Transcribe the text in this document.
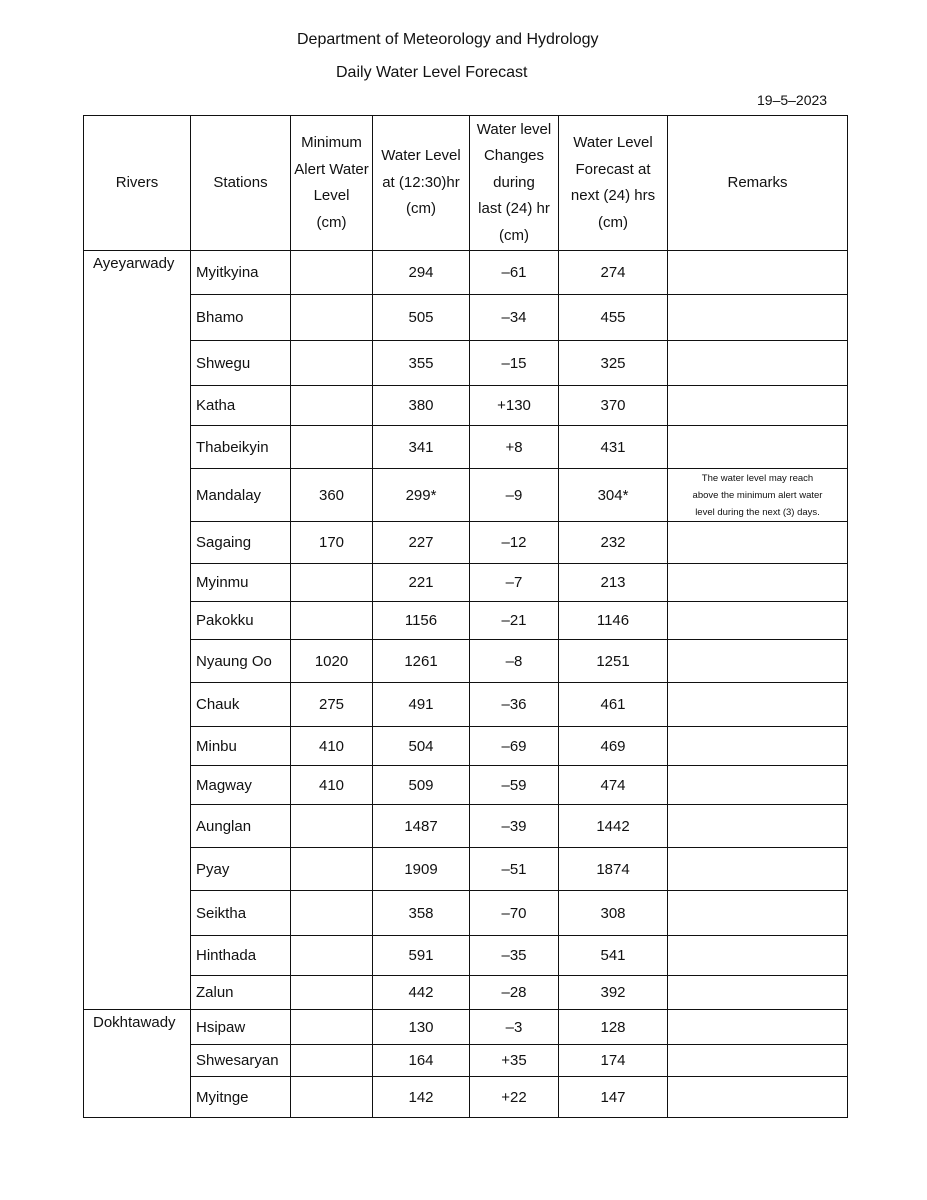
Department of Meteorology and Hydrology
Daily Water Level Forecast
19–5–2023
Rivers	Stations	Minimum
Alert Water
Level
(cm)	Water Level
at (12:30)hr
(cm)	Water level
Changes
during
last (24) hr
(cm)	Water Level
Forecast at
next (24) hrs
(cm)	Remarks
Ayeyarwady	Myitkyina		294	–61	274	
	Bhamo		505	–34	455	
	Shwegu		355	–15	325	
	Katha		380	+130	370	
	Thabeikyin		341	+8	431	
	Mandalay	360	299*	–9	304*	The water level may reach
above the minimum alert water
level during the next (3) days.
	Sagaing	170	227	–12	232	
	Myinmu		221	–7	213	
	Pakokku		1156	–21	1146	
	Nyaung Oo	1020	1261	–8	1251	
	Chauk	275	491	–36	461	
	Minbu	410	504	–69	469	
	Magway	410	509	–59	474	
	Aunglan		1487	–39	1442	
	Pyay		1909	–51	1874	
	Seiktha		358	–70	308	
	Hinthada		591	–35	541	
	Zalun		442	–28	392	
Dokhtawady	Hsipaw		130	–3	128	
	Shwesaryan		164	+35	174	
	Myitnge		142	+22	147	
